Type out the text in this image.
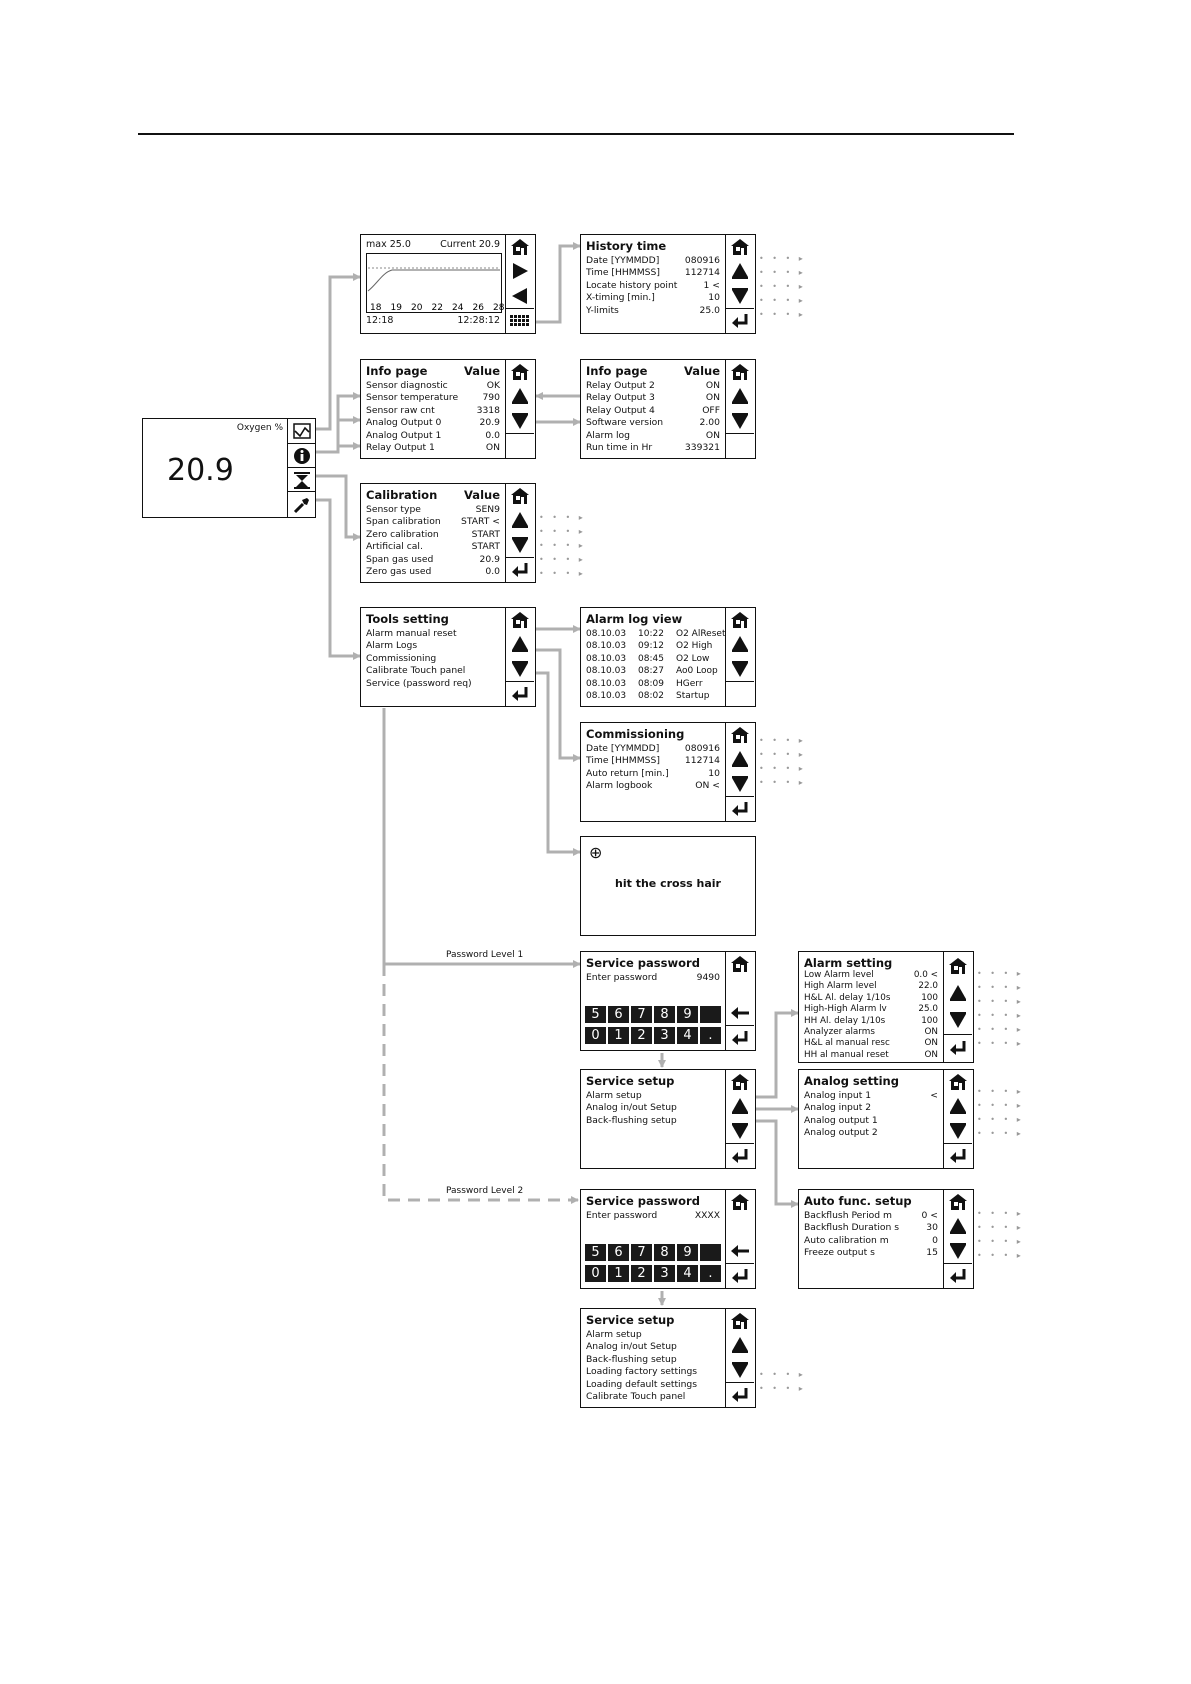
• • • ▸
• • • ▸
• • • ▸
• • • ▸
• • • ▸
• • • ▸
• • • ▸
• • • ▸
• • • ▸
• • • ▸
• • • ▸
• • • ▸
• • • ▸
• • • ▸
• • • ▸
• • • ▸
• • • ▸
• • • ▸
• • • ▸
• • • ▸
• • • ▸
• • • ▸
• • • ▸
• • • ▸
• • • ▸
• • • ▸
• • • ▸
• • • ▸
• • • ▸
• • • ▸
Oxygen %
20.9
max 25.0	Current 20.9
18 19 20 22 24 26 28
12:18	12:28:12
History time
Date [YYMMDD]	080916
Time [HHMMSS]	112714
Locate history point	1 <
X-timing [min.]	10
Y-limits	25.0
Info page	Value
Sensor diagnostic	OK
Sensor temperature	790
Sensor raw cnt	3318
Analog Output 0	20.9
Analog Output 1	0.0
Relay Output 1	ON
Info page	Value
Relay Output 2	ON
Relay Output 3	ON
Relay Output 4	OFF
Software version	2.00
Alarm log	ON
Run time in Hr	339321
Calibration Value
Sensor type	SEN9
Span calibration START <
Zero calibration	START
Artificial cal.	START
Span gas used	20.9
Zero gas used	0.0
Tools setting
Alarm manual reset
Alarm Logs
Commissioning
Calibrate Touch panel
Service (password req)
Alarm log view
08.10.03	10:22	O2 AlReset
08.10.03	09:12	O2 High
08.10.03	08:45	O2 Low
08.10.03	08:27	Ao0 Loop
08.10.03	08:09	HGerr
08.10.03	08:02	Startup
Commissioning
Date [YYMMDD]	080916
Time [HHMMSS]	112714
Auto return [min.]	10
Alarm logbook	ON <
⊕
hit the cross hair
Service password
Enter password	9490
5	6	7	8	9
0	1	2	3	4	.
Service setup
Alarm setup
Analog in/out Setup
Back-flushing setup
Service password
Enter password	XXXX
5	6	7	8	9
0	1	2	3	4	.
Service setup
Alarm setup
Analog in/out Setup
Back-flushing setup
Loading factory settings
Loading default settings
Calibrate Touch panel
Alarm setting
Low Alarm level	0.0 <
High Alarm level	22.0
H&L Al. delay 1/10s	100
High-High Alarm lv	25.0
HH Al. delay 1/10s	100
Analyzer alarms	ON
H&L al manual resc	ON
HH al manual reset	ON
Analog setting
Analog input 1	<
Analog input 2
Analog output 1
Analog output 2
Auto func. setup
Backflush Period m	0 <
Backflush Duration s	30
Auto calibration m	0
Freeze output s	15
Password Level 1
Password Level 2
